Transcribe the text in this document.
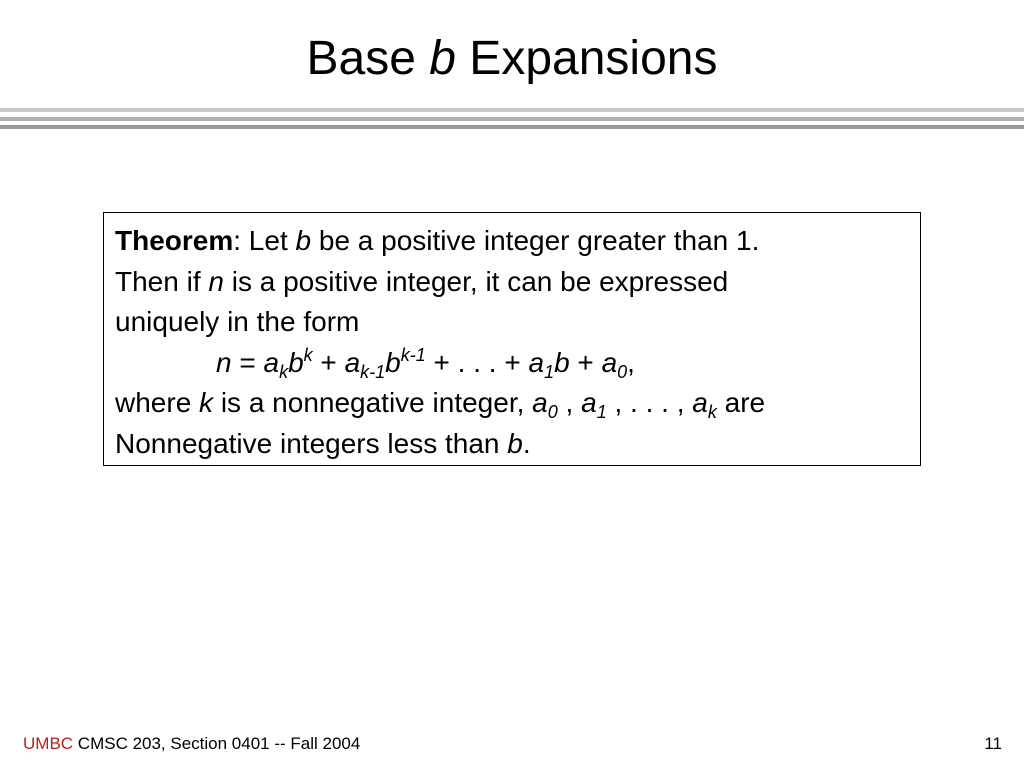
Base b Expansions
Theorem: Let b be a positive integer greater than 1.
Then if n is a positive integer, it can be expressed
uniquely in the form
$n = a_kb^k + a_{k-1}b^{k-1}$ + . . . + $a_1b + a_0$,
where k is a nonnegative integer, $a_0$ , $a_1$ , . . . , $a_k$ are
Nonnegative integers less than b.
UMBC CMSC 203, Section 0401 -- Fall 2004	11
